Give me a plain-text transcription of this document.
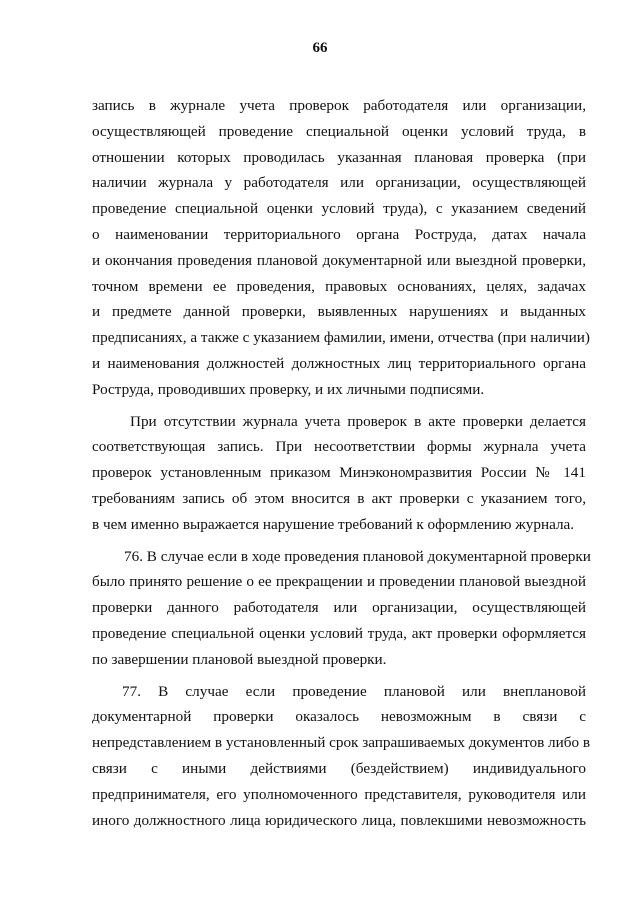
66

запись в журнале учета проверок работодателя или организации,
осуществляющей проведение специальной оценки условий труда, в
отношении которых проводилась указанная плановая проверка (при
наличии журнала у работодателя или организации, осуществляющей
проведение специальной оценки условий труда), с указанием сведений
о наименовании территориального органа Роструда, датах начала
и окончания проведения плановой документарной или выездной проверки,
точном времени ее проведения, правовых основаниях, целях, задачах
и предмете данной проверки, выявленных нарушениях и выданных
предписаниях, а также с указанием фамилии, имени, отчества (при наличии)
и наименования должностей должностных лиц территориального органа
Роструда, проводивших проверку, и их личными подписями.

При отсутствии журнала учета проверок в акте проверки делается
соответствующая запись. При несоответствии формы журнала учета
проверок установленным приказом Минэкономразвития России № 141
требованиям запись об этом вносится в акт проверки с указанием того,
в чем именно выражается нарушение требований к оформлению журнала.

76. В случае если в ходе проведения плановой документарной проверки
было принято решение о ее прекращении и проведении плановой выездной
проверки данного работодателя или организации, осуществляющей
проведение специальной оценки условий труда, акт проверки оформляется
по завершении плановой выездной проверки.

77. В случае если проведение плановой или внеплановой
документарной проверки оказалось невозможным в связи с
непредставлением в установленный срок запрашиваемых документов либо в
связи с иными действиями (бездействием) индивидуального
предпринимателя, его уполномоченного представителя, руководителя или
иного должностного лица юридического лица, повлекшими невозможность
